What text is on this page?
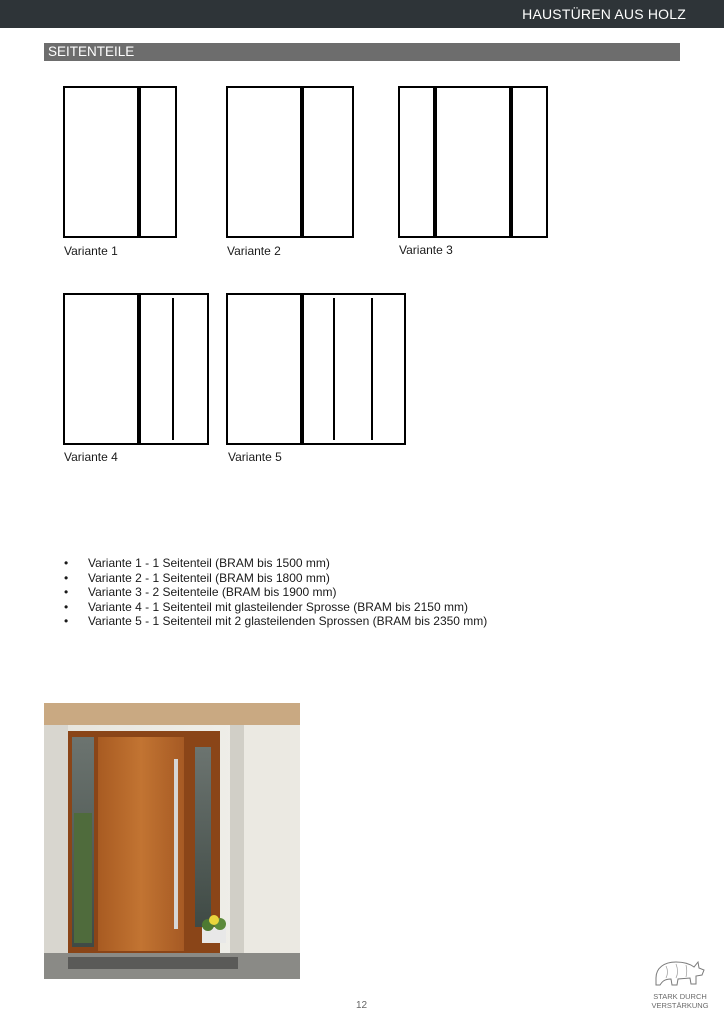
HAUSTÜREN AUS HOLZ
SEITENTEILE
Variante 1	Variante 2	Variante 3
Variante 4	Variante 5
• Variante 1 - 1 Seitenteil (BRAM bis 1500 mm)
• Variante 2 - 1 Seitenteil (BRAM bis 1800 mm)
• Variante 3 - 2 Seitenteile (BRAM bis 1900 mm)
• Variante 4 - 1 Seitenteil mit glasteilender Sprosse (BRAM bis 2150 mm)
• Variante 5 - 1 Seitenteil mit 2 glasteilenden Sprossen (BRAM bis 2350 mm)
12
STARK DURCH
VERSTÄRKUNG
